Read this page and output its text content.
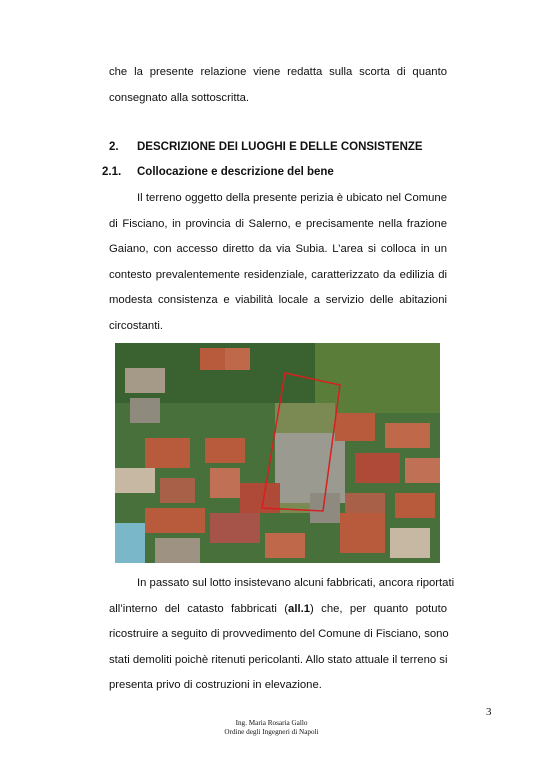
che la presente relazione viene redatta sulla scorta di quanto
consegnato alla sottoscritta.
2. DESCRIZIONE DEI LUOGHI E DELLE CONSISTENZE
2.1. Collocazione e descrizione del bene
Il terreno oggetto della presente perizia è ubicato nel Comune
di Fisciano, in provincia di Salerno, e precisamente nella frazione
Gaiano, con accesso diretto da via Subia. L’area si colloca in un
contesto prevalentemente residenziale, caratterizzato da edilizia di
modesta consistenza e viabilità locale a servizio delle abitazioni
circostanti.
In passato sul lotto insistevano alcuni fabbricati, ancora riportati
all’interno del catasto fabbricati (all.1) che, per quanto potuto
ricostruire a seguito di provvedimento del Comune di Fisciano, sono
stati demoliti poichè ritenuti pericolanti. Allo stato attuale il terreno si
presenta privo di costruzioni in elevazione.
3
Ing. Maria Rosaria Gallo
Ordine degli Ingegneri di Napoli
